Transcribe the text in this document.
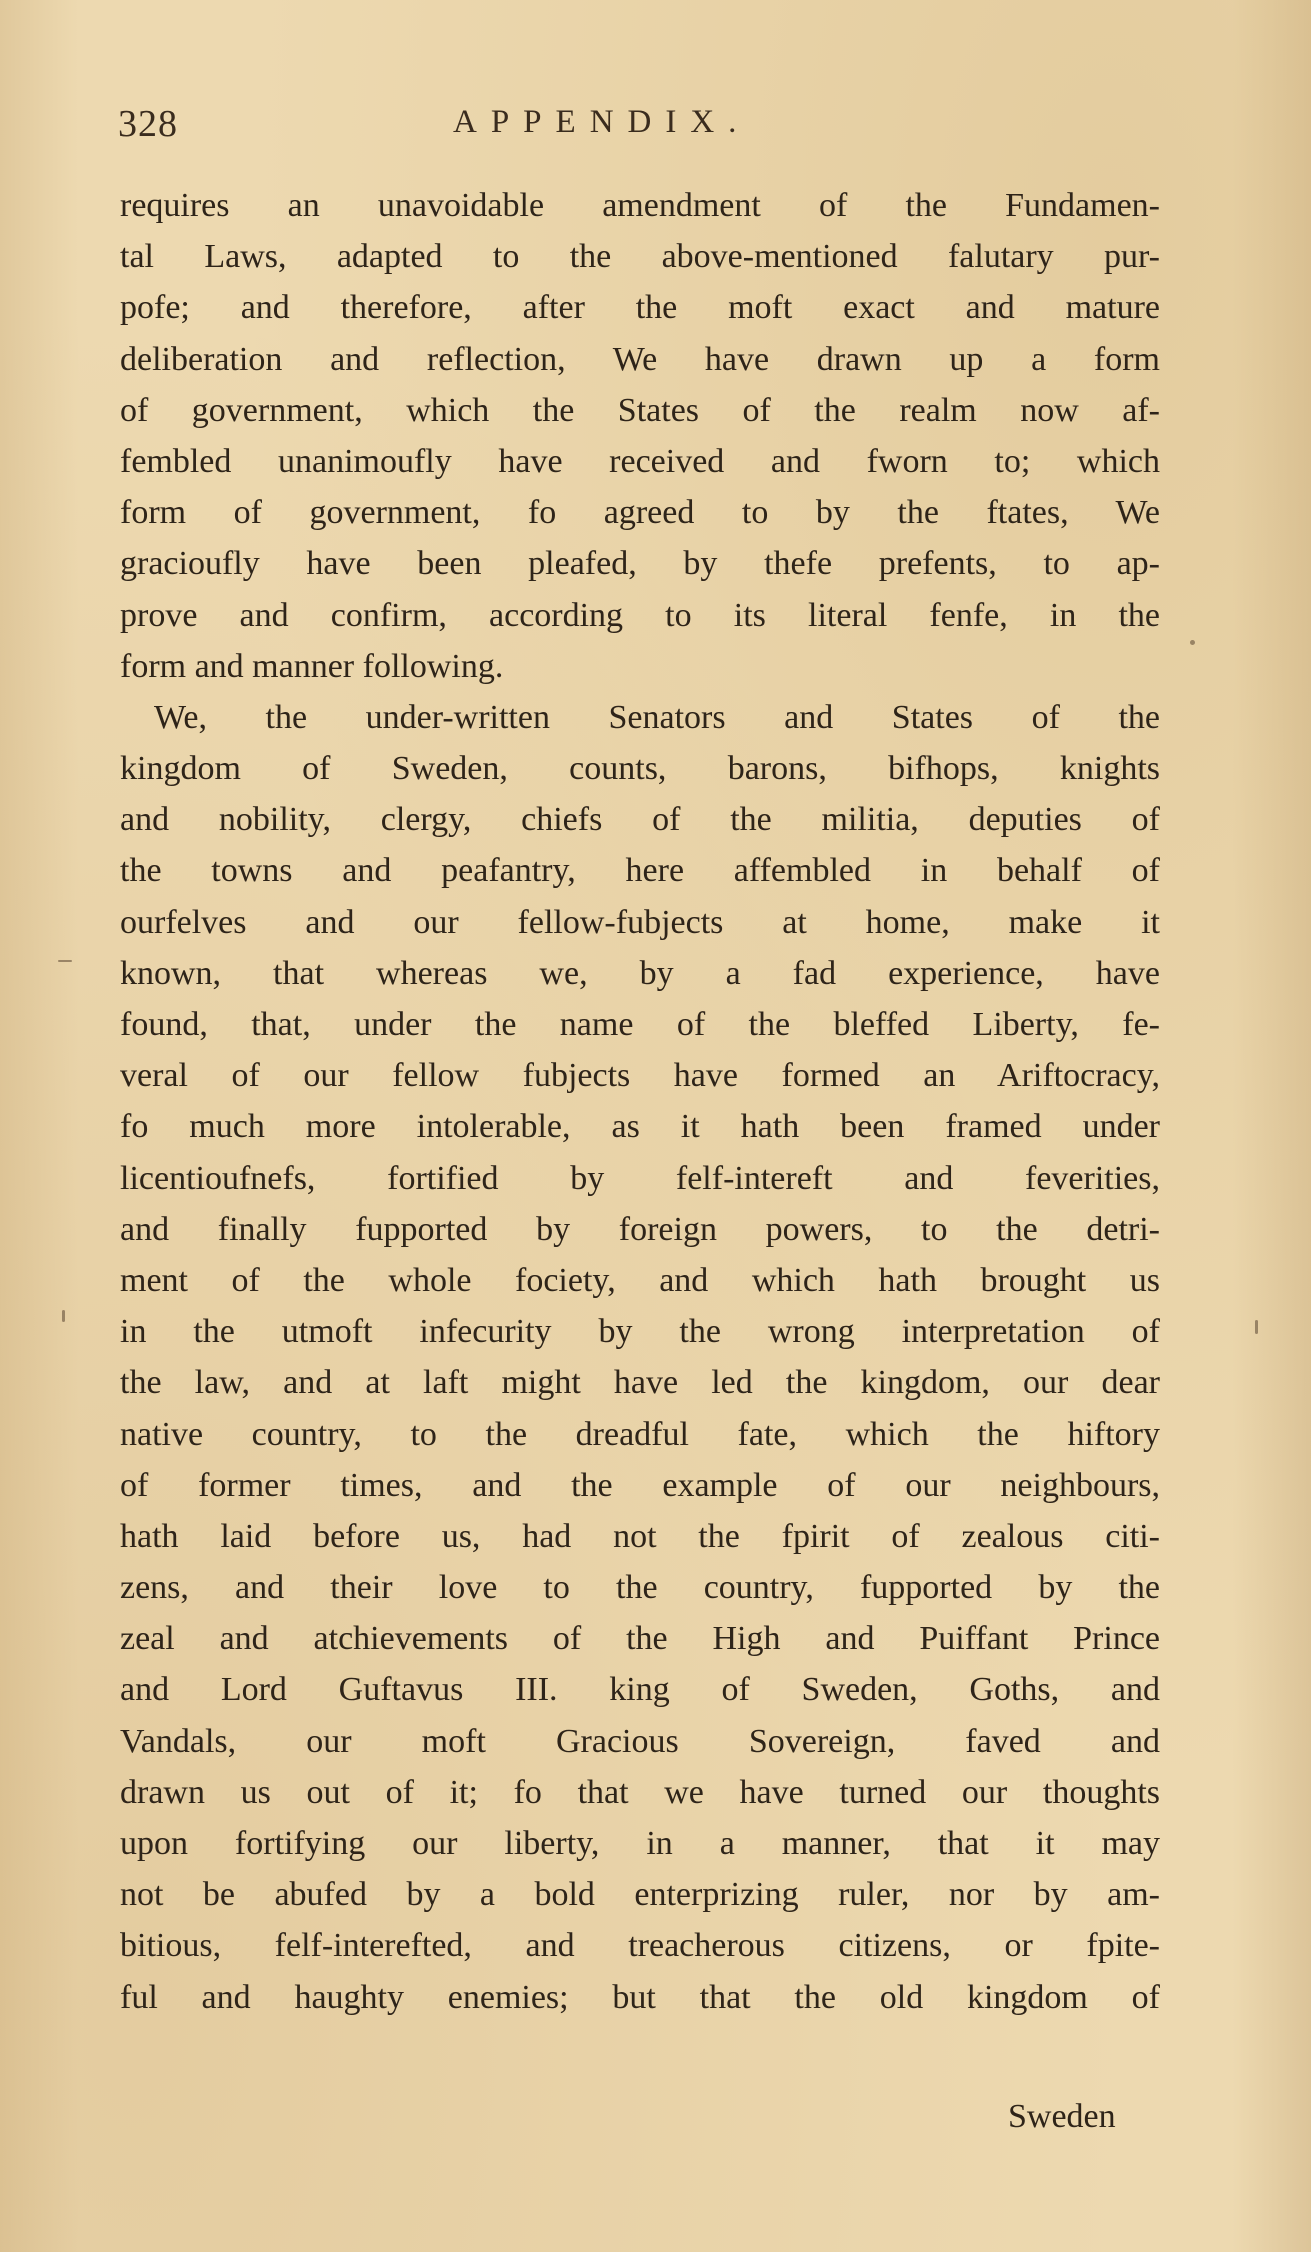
328	APPENDIX.
requires an unavoidable amendment of the Fundamen-
tal Laws, adapted to the above-mentioned falutary pur-
pofe; and therefore, after the moft exact and mature
deliberation and reflection, We have drawn up a form
of government, which the States of the realm now af-
fembled unanimoufly have received and fworn to; which
form of government, fo agreed to by the ftates, We
gracioufly have been pleafed, by thefe prefents, to ap-
prove and confirm, according to its literal fenfe, in the
form and manner following.
We, the under-written Senators and States of the
kingdom of Sweden, counts, barons, bifhops, knights
and nobility, clergy, chiefs of the militia, deputies of
the towns and peafantry, here affembled in behalf of
ourfelves and our fellow-fubjects at home, make it
known, that whereas we, by a fad experience, have
found, that, under the name of the bleffed Liberty, fe-
veral of our fellow fubjects have formed an Ariftocracy,
fo much more intolerable, as it hath been framed under
licentioufnefs, fortified by felf-intereft and feverities,
and finally fupported by foreign powers, to the detri-
ment of the whole fociety, and which hath brought us
in the utmoft infecurity by the wrong interpretation of
the law, and at laft might have led the kingdom, our dear
native country, to the dreadful fate, which the hiftory
of former times, and the example of our neighbours,
hath laid before us, had not the fpirit of zealous citi-
zens, and their love to the country, fupported by the
zeal and atchievements of the High and Puiffant Prince
and Lord Guftavus III. king of Sweden, Goths, and
Vandals, our moft Gracious Sovereign, faved and
drawn us out of it; fo that we have turned our thoughts
upon fortifying our liberty, in a manner, that it may
not be abufed by a bold enterprizing ruler, nor by am-
bitious, felf-interefted, and treacherous citizens, or fpite-
ful and haughty enemies; but that the old kingdom of
Sweden
